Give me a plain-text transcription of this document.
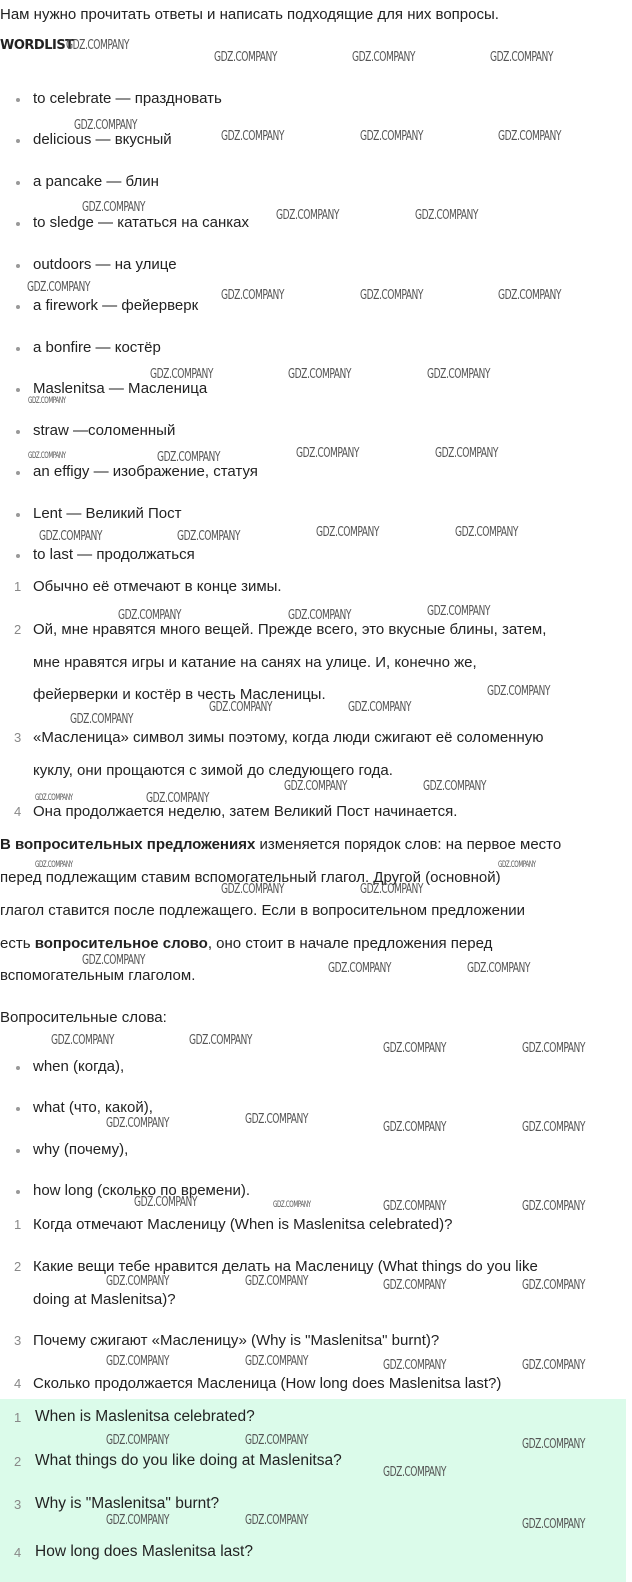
Нам нужно прочитать ответы и написать подходящие для них вопросы.
WORDLIST
to celebrate — праздновать
delicious — вкусный
a pancake — блин
to sledge — кататься на санках
outdoors — на улице
a firework — фейерверк
a bonfire — костёр
Maslenitsa — Масленица
straw —соломенный
an effigy — изображение, статуя
Lent — Великий Пост
to last — продолжаться
1 Обычно её отмечают в конце зимы.
2 Ой, мне нравятся много вещей. Прежде всего, это вкусные блины, затем,
мне нравятся игры и катание на санях на улице. И, конечно же,
фейерверки и костёр в честь Масленицы.
3 «Масленица» символ зимы поэтому, когда люди сжигают её соломенную
куклу, они прощаются с зимой до следующего года.
4 Она продолжается неделю, затем Великий Пост начинается.
В вопросительных предложениях изменяется порядок слов: на первое место
перед подлежащим ставим вспомогательный глагол. Другой (основной)
глагол ставится после подлежащего. Если в вопросительном предложении
есть вопросительное слово, оно стоит в начале предложения перед
вспомогательным глаголом.
Вопросительные слова:
when (когда),
what (что, какой),
why (почему),
how long (сколько по времени).
1 Когда отмечают Масленицу (When is Maslenitsa celebrated)?
2 Какие вещи тебе нравится делать на Масленицу (What things do you like
doing at Maslenitsa)?
3 Почему сжигают «Масленицу» (Why is "Maslenitsa" burnt)?
4 Сколько продолжается Масленица (How long does Maslenitsa last?)
1 When is Maslenitsa celebrated?
2 What things do you like doing at Maslenitsa?
3 Why is "Maslenitsa" burnt?
4 How long does Maslenitsa last?
GDZ.COMPANY
GDZ.COMPANY	GDZ.COMPANY	GDZ.COMPANY
GDZ.COMPANY
GDZ.COMPANY	GDZ.COMPANY	GDZ.COMPANY
GDZ.COMPANY
GDZ.COMPANY	GDZ.COMPANY
GDZ.COMPANY
GDZ.COMPANY	GDZ.COMPANY	GDZ.COMPANY
GDZ.COMPANY	GDZ.COMPANY	GDZ.COMPANY
GDZ.COMPANY
GDZ.COMPANY	GDZ.COMPANY	GDZ.COMPANY	GDZ.COMPANY
GDZ.COMPANY	GDZ.COMPANY	GDZ.COMPANY	GDZ.COMPANY
GDZ.COMPANY	GDZ.COMPANY	GDZ.COMPANY
GDZ.COMPANY
GDZ.COMPANY	GDZ.COMPANY
GDZ.COMPANY
GDZ.COMPANY	GDZ.COMPANY
GDZ.COMPANY	GDZ.COMPANY
GDZ.COMPANY	GDZ.COMPANY
GDZ.COMPANY	GDZ.COMPANY
GDZ.COMPANY
GDZ.COMPANY	GDZ.COMPANY
GDZ.COMPANY	GDZ.COMPANY
GDZ.COMPANY	GDZ.COMPANY
GDZ.COMPANY	GDZ.COMPANY
GDZ.COMPANY	GDZ.COMPANY
GDZ.COMPANY	GDZ.COMPANY	GDZ.COMPANY	GDZ.COMPANY
GDZ.COMPANY	GDZ.COMPANY	GDZ.COMPANY	GDZ.COMPANY
GDZ.COMPANY	GDZ.COMPANY	GDZ.COMPANY	GDZ.COMPANY
GDZ.COMPANY	GDZ.COMPANY	GDZ.COMPANY
GDZ.COMPANY
GDZ.COMPANY	GDZ.COMPANY	GDZ.COMPANY
